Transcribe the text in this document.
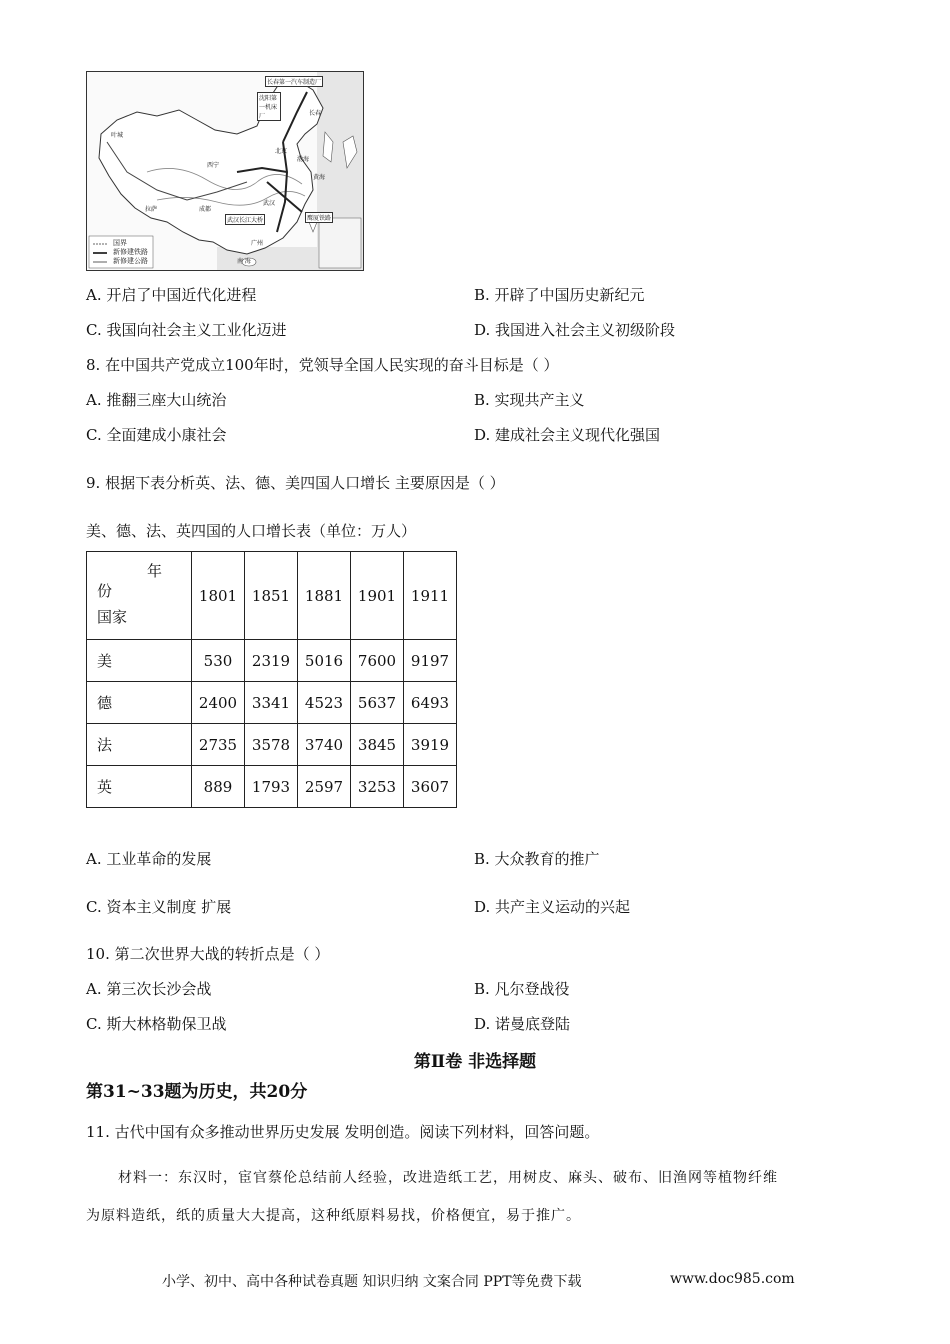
长春第一汽车制造厂
沈阳第一机床厂	长春
北京
西宁
拉萨	成都
武汉
武汉长江大桥	鹰厦铁路
广州
南 海
叶城
渤海
黄海
国界
新修建铁路
新修建公路
A. 开启了中国近代化进程	B. 开辟了中国历史新纪元
C. 我国向社会主义工业化迈进	D. 我国进入社会主义初级阶段
8. 在中国共产党成立100年时，党领导全国人民实现的奋斗目标是（ ）
A. 推翻三座大山统治	B. 实现共产主义
C. 全面建成小康社会	D. 建成社会主义现代化强国
9. 根据下表分析英、法、德、美四国人口增长 主要原因是（ ）
美、德、法、英四国的人口增长表（单位：万人）
年
份
国家	1801	1851	1881	1901	1911
美	530	2319	5016	7600	9197
德	2400	3341	4523	5637	6493
法	2735	3578	3740	3845	3919
英	889	1793	2597	3253	3607
A. 工业革命的发展	B. 大众教育的推广
C. 资本主义制度 扩展	D. 共产主义运动的兴起
10. 第二次世界大战的转折点是（ ）
A. 第三次长沙会战	B. 凡尔登战役
C. 斯大林格勒保卫战	D. 诺曼底登陆
第Ⅱ卷 非选择题
第31~33题为历史，共20分
11. 古代中国有众多推动世界历史发展 发明创造。阅读下列材料，回答问题。
材料一：东汉时，宦官蔡伦总结前人经验，改进造纸工艺，用树皮、麻头、破布、旧渔网等植物纤维
为原料造纸，纸的质量大大提高，这种纸原料易找，价格便宜，易于推广。
小学、初中、高中各种试卷真题 知识归纳 文案合同 PPT等免费下载	www.doc985.com
